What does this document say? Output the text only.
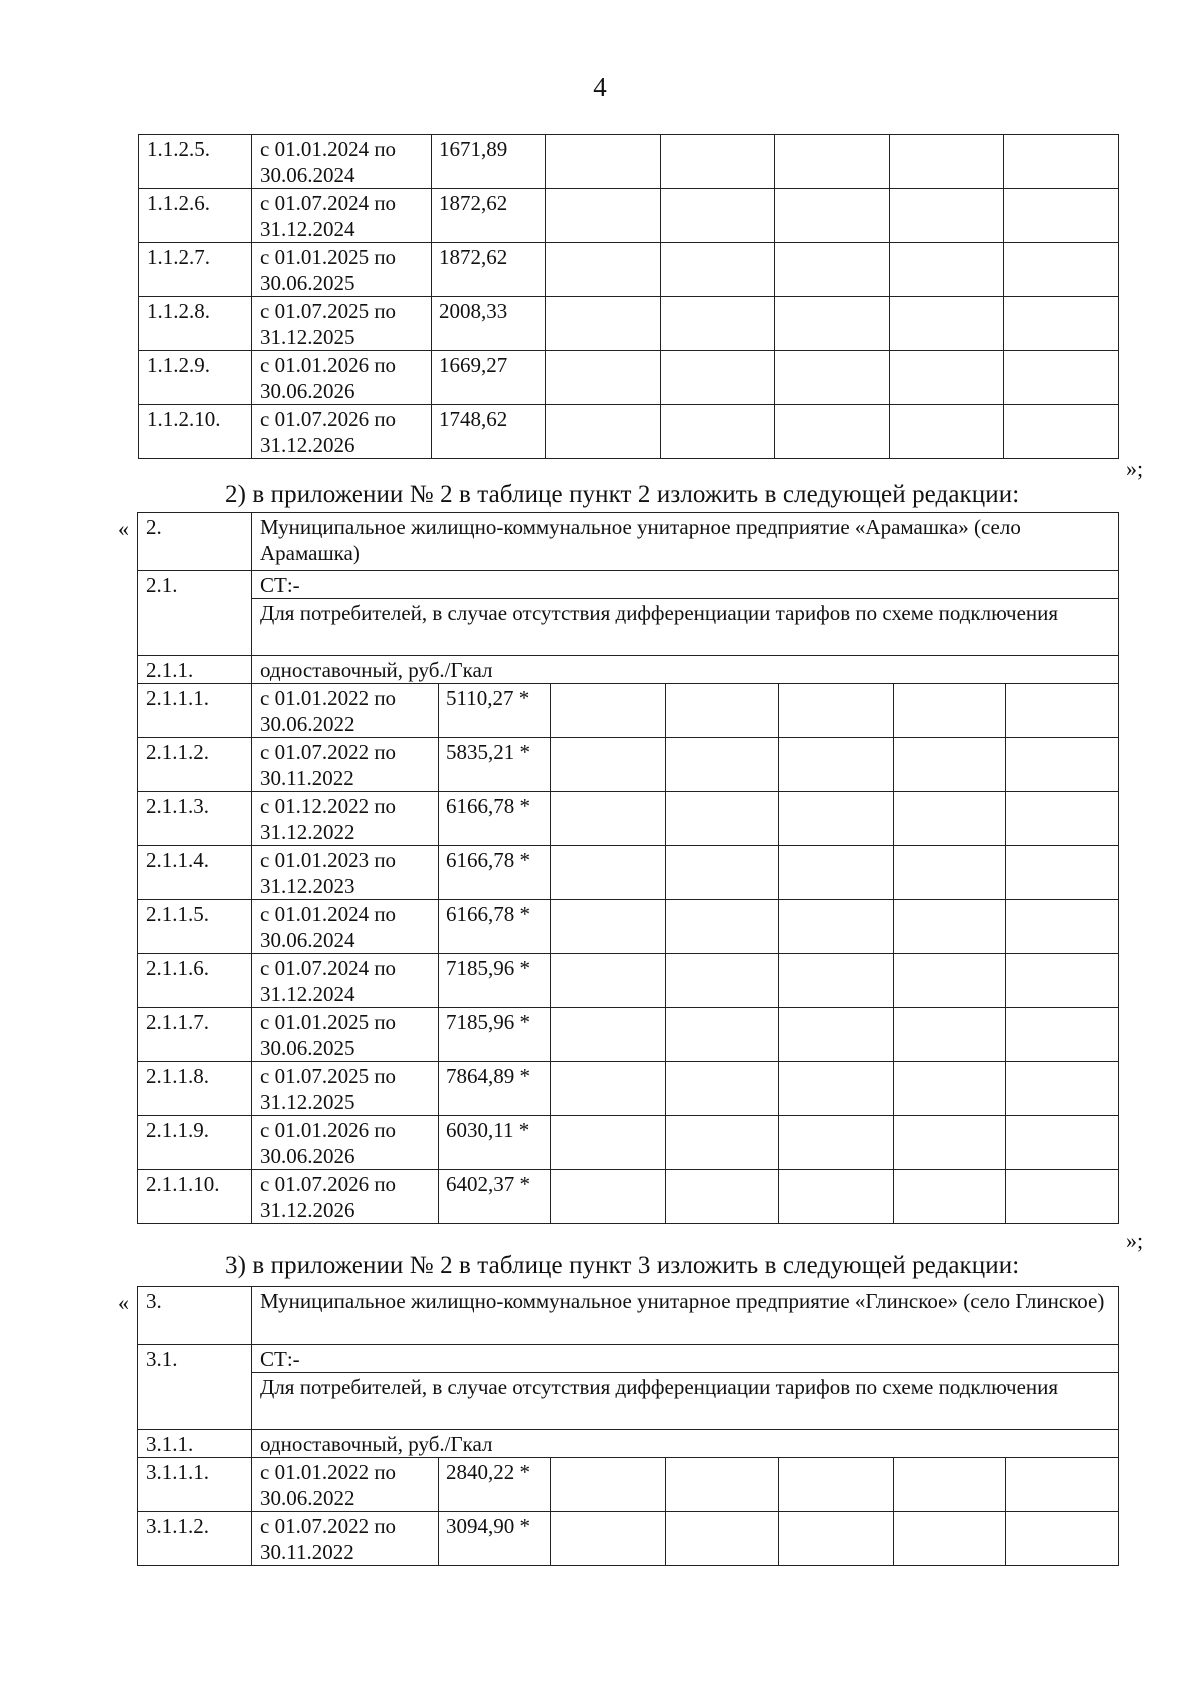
4
1.1.2.5.	с 01.01.2024 по 30.06.2024	1671,89					
1.1.2.6.	с 01.07.2024 по 31.12.2024	1872,62					
1.1.2.7.	с 01.01.2025 по 30.06.2025	1872,62					
1.1.2.8.	с 01.07.2025 по 31.12.2025	2008,33					
1.1.2.9.	с 01.01.2026 по 30.06.2026	1669,27					
1.1.2.10.	с 01.07.2026 по 31.12.2026	1748,62					
»;
2) в приложении № 2 в таблице пункт 2 изложить в следующей редакции:
« 2.	Муниципальное жилищно-коммунальное унитарное предприятие «Арамашка» (село Арамашка)						
2.1.	СТ:-						
	Для потребителей, в случае отсутствия дифференциации тарифов по схеме подключения						
2.1.1.	одноставочный, руб./Гкал						
2.1.1.1.	с 01.01.2022 по 30.06.2022	5110,27 *					
2.1.1.2.	с 01.07.2022 по 30.11.2022	5835,21 *					
2.1.1.3.	с 01.12.2022 по 31.12.2022	6166,78 *					
2.1.1.4.	с 01.01.2023 по 31.12.2023	6166,78 *					
2.1.1.5.	с 01.01.2024 по 30.06.2024	6166,78 *					
2.1.1.6.	с 01.07.2024 по 31.12.2024	7185,96 *					
2.1.1.7.	с 01.01.2025 по 30.06.2025	7185,96 *					
2.1.1.8.	с 01.07.2025 по 31.12.2025	7864,89 *					
2.1.1.9.	с 01.01.2026 по 30.06.2026	6030,11 *					
2.1.1.10.	с 01.07.2026 по 31.12.2026	6402,37 *					
»;
3) в приложении № 2 в таблице пункт 3 изложить в следующей редакции:
« 3.	Муниципальное жилищно-коммунальное унитарное предприятие «Глинское» (село Глинское)						
3.1.	СТ:-						
	Для потребителей, в случае отсутствия дифференциации тарифов по схеме подключения						
3.1.1.	одноставочный, руб./Гкал						
3.1.1.1.	с 01.01.2022 по 30.06.2022	2840,22 *					
3.1.1.2.	с 01.07.2022 по 30.11.2022	3094,90 *					
